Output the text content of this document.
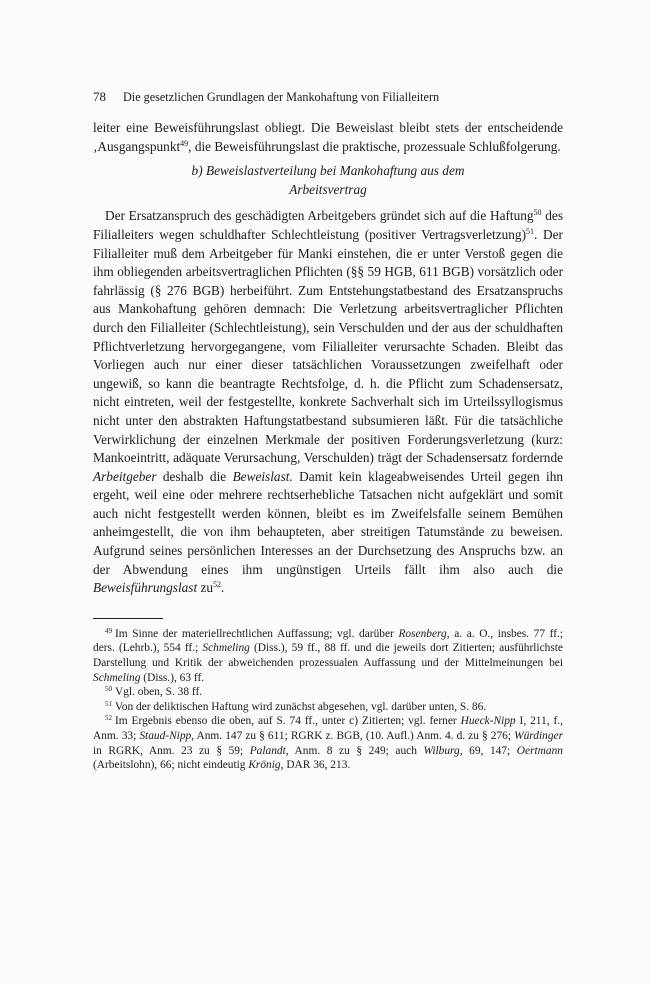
78 Die gesetzlichen Grundlagen der Mankohaftung von Filialleitern

leiter eine Beweisführungslast obliegt. Die Beweislast bleibt stets der entscheidende ‚Ausgangspunkt$^{49}$, die Beweisführungslast die praktische, prozessuale Schlußfolgerung.

b) Beweislastverteilung bei Mankohaftung aus dem
Arbeitsvertrag

Der Ersatzanspruch des geschädigten Arbeitgebers gründet sich auf die Haftung$^{50}$ des Filialleiters wegen schuldhafter Schlechtleistung (positiver Vertragsverletzung)$^{51}$. Der Filialleiter muß dem Arbeitgeber für Manki einstehen, die er unter Verstoß gegen die ihm obliegenden arbeitsvertraglichen Pflichten (§§ 59 HGB, 611 BGB) vorsätzlich oder fahrlässig (§ 276 BGB) herbeiführt. Zum Entstehungstatbestand des Ersatzanspruchs aus Mankohaftung gehören demnach: Die Verletzung arbeitsvertraglicher Pflichten durch den Filialleiter (Schlechtleistung), sein Verschulden und der aus der schuldhaften Pflichtverletzung hervorgegangene, vom Filialleiter verursachte Schaden. Bleibt das Vorliegen auch nur einer dieser tatsächlichen Voraussetzungen zweifelhaft oder ungewiß, so kann die beantragte Rechtsfolge, d. h. die Pflicht zum Schadensersatz, nicht eintreten, weil der festgestellte, konkrete Sachverhalt sich im Urteilssyllogismus nicht unter den abstrakten Haftungstatbestand subsumieren läßt. Für die tatsächliche Verwirklichung der einzelnen Merkmale der positiven Forderungsverletzung (kurz: Mankoeintritt, adäquate Verursachung, Verschulden) trägt der Schadensersatz fordernde Arbeitgeber deshalb die Beweislast. Damit kein klageabweisendes Urteil gegen ihn ergeht, weil eine oder mehrere rechtserhebliche Tatsachen nicht aufgeklärt und somit auch nicht festgestellt werden können, bleibt es im Zweifelsfalle seinem Bemühen anheimgestellt, die von ihm behaupteten, aber streitigen Tatumstände zu beweisen. Aufgrund seines persönlichen Interesses an der Durchsetzung des Anspruchs bzw. an der Abwendung eines ihm ungünstigen Urteils fällt ihm also auch die Beweisführungslast $zu^{52}$.

$^{49}$ Im Sinne der materiellrechtlichen Auffassung; vgl. darüber Rosenberg, a. a. O., insbes. 77 ff.; ders. (Lehrb.), 554 ff.; Schmeling (Diss.), 59 ff., 88 ff. und die jeweils dort Zitierten; ausführlichste Darstellung und Kritik der abweichenden prozessualen Auffassung und der Mittelmeinungen bei Schmeling (Diss.), 63 ff.

$^{50}$ Vgl. oben, S. 38 ff.

$^{51}$ Von der deliktischen Haftung wird zunächst abgesehen, vgl. darüber unten, S. 86.

$^{52}$ Im Ergebnis ebenso die oben, auf S. 74 ff., unter c) Zitierten; vgl. ferner Hueck-Nipp I, 211, f., Anm. 33; Staud-Nipp, Anm. 147 zu § 611; RGRK z. BGB, (10. Aufl.) Anm. 4. d. zu § 276; Würdinger in RGRK, Anm. 23 zu § 59; Palandt, Anm. 8 zu § 249; auch Wilburg, 69, 147; Oertmann (Arbeitslohn), 66; nicht eindeutig Krönig, DAR 36, 213.
